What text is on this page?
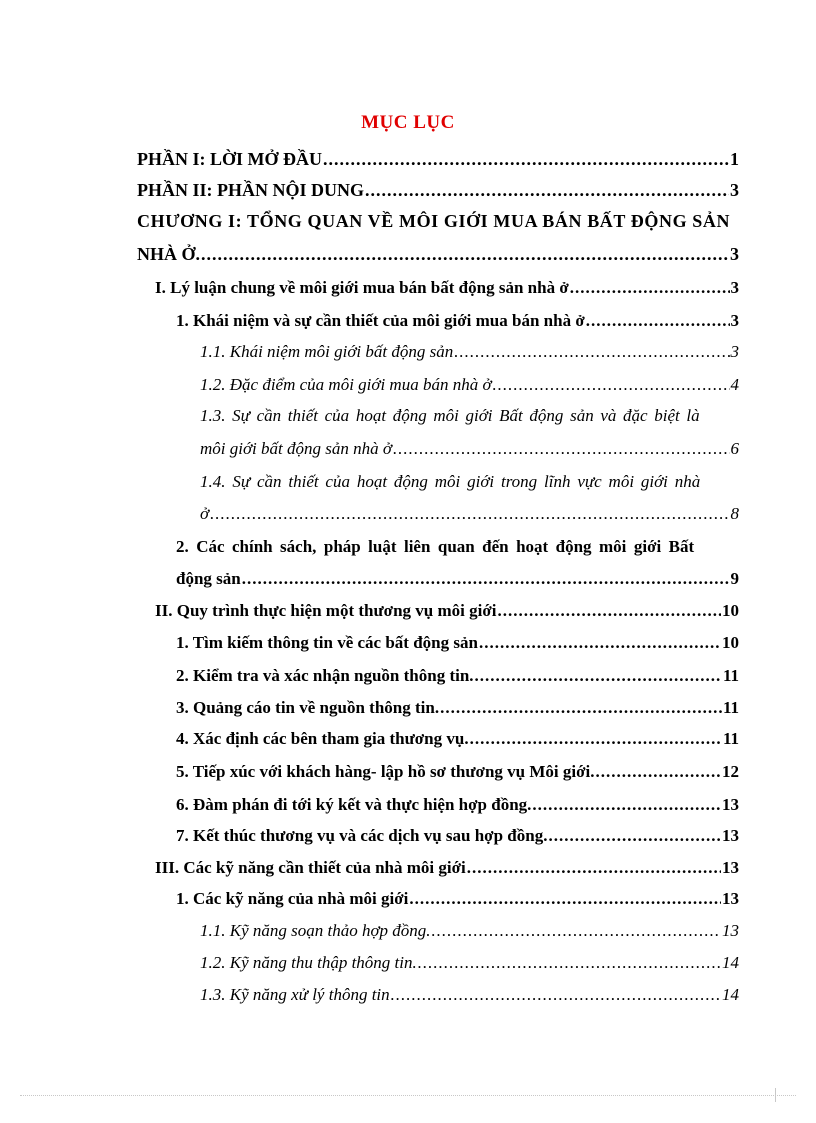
MỤC LỤC
PHẦN I: LỜI MỞ ĐẦU .....	1
PHẦN II: PHẦN NỘI DUNG .....	3
CHƯƠNG I: TỔNG QUAN VỀ MÔI GIỚI MUA BÁN BẤT ĐỘNG SẢN
NHÀ Ở. .....	3
I. Lý luận chung về môi giới mua bán bất động sản nhà ở .....	3
1. Khái niệm và sự cần thiết của môi giới mua bán nhà ở .....	3
1.1. Khái niệm môi giới bất động sản .....	3
1.2. Đặc điểm của môi giới mua bán nhà ở .....	4
1.3. Sự cần thiết của hoạt động môi giới Bất động sản và đặc biệt là
môi giới bất động sản nhà ở .....	6
1.4. Sự cần thiết của hoạt động môi giới trong lĩnh vực môi giới nhà
ở .....	8
2. Các chính sách, pháp luật liên quan đến hoạt động môi giới Bất
động sản .....	9
II. Quy trình thực hiện một thương vụ môi giới .....	10
1. Tìm kiếm thông tin về các bất động sản .....	10
2. Kiểm tra và xác nhận nguồn thông tin. .....	11
3. Quảng cáo tin về nguồn thông tin. .....	11
4. Xác định các bên tham gia thương vụ. .....	11
5. Tiếp xúc với khách hàng- lập hồ sơ thương vụ Môi giới. .....	12
6. Đàm phán đi tới ký kết và thực hiện hợp đồng. .....	13
7. Kết thúc thương vụ và các dịch vụ sau hợp đồng. .....	13
III. Các kỹ năng cần thiết của nhà môi giới .....	13
1. Các kỹ năng của nhà môi giới .....	13
1.1. Kỹ năng soạn thảo hợp đồng. .....	13
1.2. Kỹ năng thu thập thông tin. .....	14
1.3. Kỹ năng xử lý thông tin .....	14
